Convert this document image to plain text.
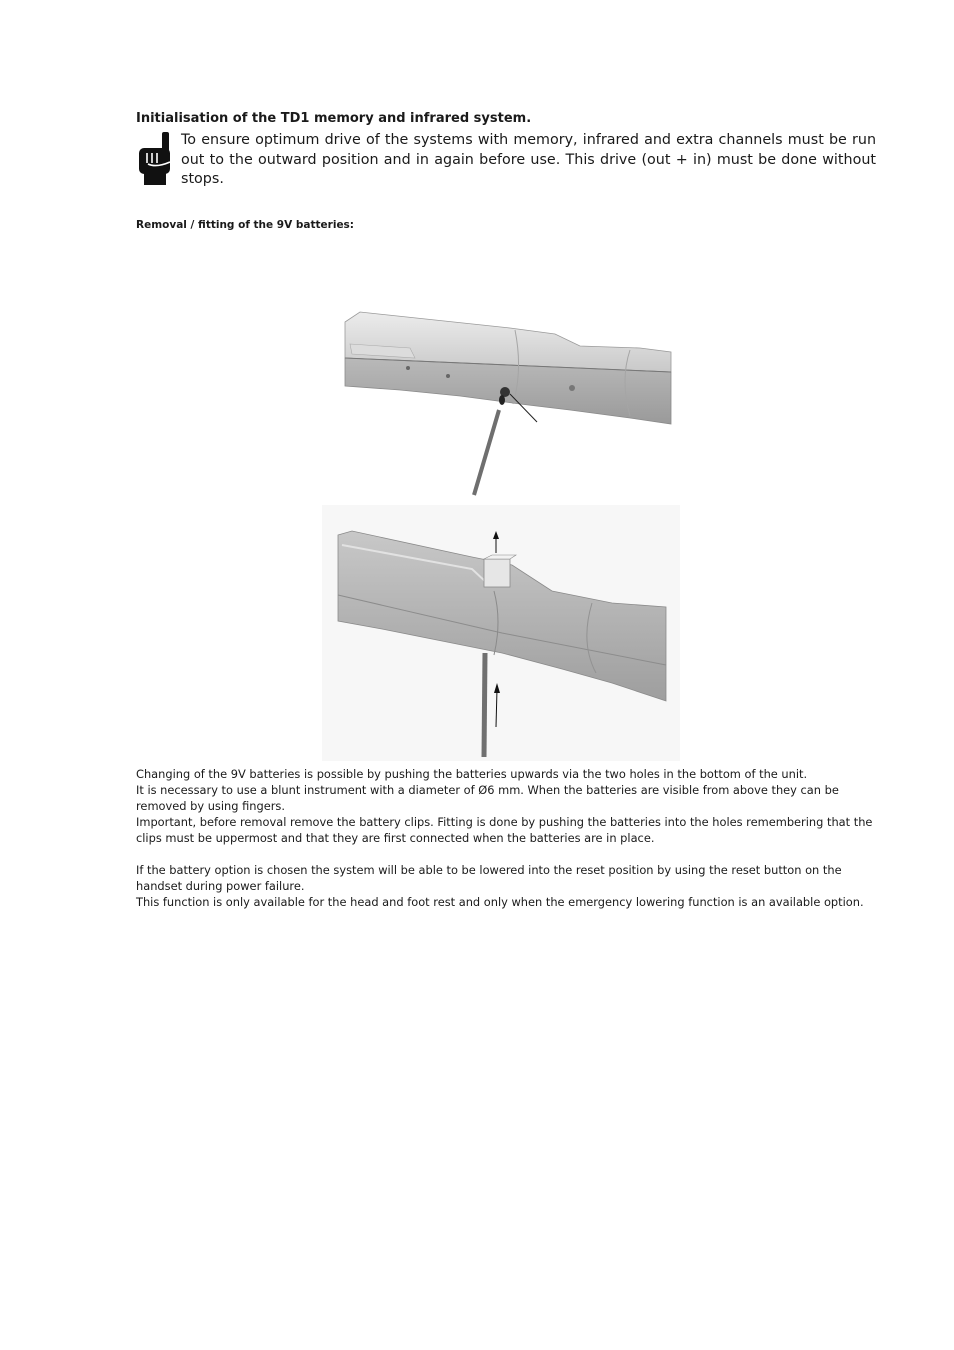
Initialisation of the TD1 memory and infrared system.
To ensure optimum drive of the systems with memory, infrared and extra channels must be run out to the outward position and in again before use. This drive (out + in) must be done without stops.
Removal / fitting of the 9V batteries:

Changing of the 9V batteries is possible by pushing the batteries upwards via the two holes in the bottom of the unit.

It is necessary to use a blunt instrument with a diameter of Ø6 mm. When the batteries are visible from above they can be removed by using fingers.

Important, before removal remove the battery clips. Fitting is done by pushing the batteries into the holes remembering that the clips must be uppermost and that they are first connected when the batteries are in place.

If the battery option is chosen the system will be able to be lowered into the reset position by using the reset button on the handset during power failure.

This function is only available for the head and foot rest and only when the emergency lowering function is an available option.
